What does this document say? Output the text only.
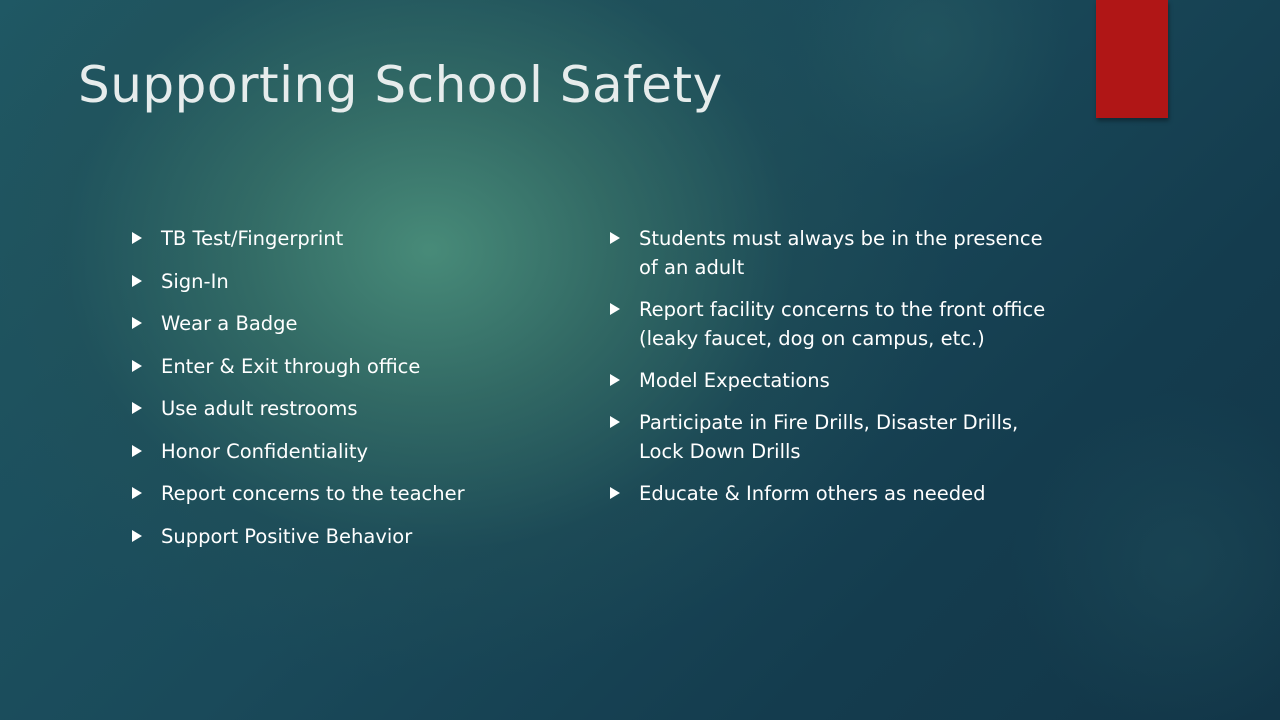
Supporting School Safety
TB Test/Fingerprint
Sign-In
Wear a Badge
Enter & Exit through office
Use adult restrooms
Honor Confidentiality
Report concerns to the teacher
Support Positive Behavior
Students must always be in the presence of an adult
Report facility concerns to the front office (leaky faucet, dog on campus, etc.)
Model Expectations
Participate in Fire Drills, Disaster Drills, Lock Down Drills
Educate & Inform others as needed
